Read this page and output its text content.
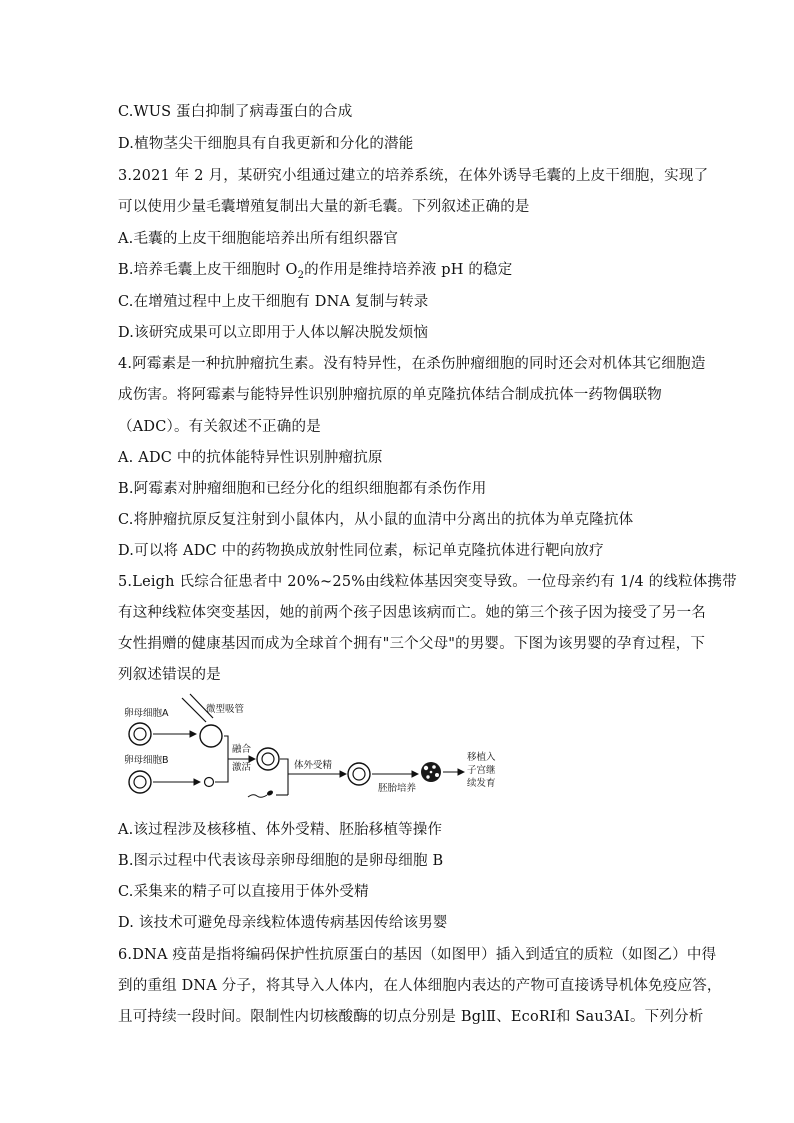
C.WUS 蛋白抑制了病毒蛋白的合成
D.植物茎尖干细胞具有自我更新和分化的潜能
3.2021 年 2 月，某研究小组通过建立的培养系统，在体外诱导毛囊的上皮干细胞，实现了
可以使用少量毛囊增殖复制出大量的新毛囊。下列叙述正确的是
A.毛囊的上皮干细胞能培养出所有组织器官
B.培养毛囊上皮干细胞时 $O_2$的作用是维持培养液 pH 的稳定
C.在增殖过程中上皮干细胞有 DNA 复制与转录
D.该研究成果可以立即用于人体以解决脱发烦恼
4.阿霉素是一种抗肿瘤抗生素。没有特异性，在杀伤肿瘤细胞的同时还会对机体其它细胞造
成伤害。将阿霉素与能特异性识别肿瘤抗原的单克隆抗体结合制成抗体一药物偶联物
（ADC）。有关叙述不正确的是
A. ADC 中的抗体能特异性识别肿瘤抗原
B.阿霉素对肿瘤细胞和已经分化的组织细胞都有杀伤作用
C.将肿瘤抗原反复注射到小鼠体内，从小鼠的血清中分离出的抗体为单克隆抗体
D.可以将 ADC 中的药物换成放射性同位素，标记单克隆抗体进行靶向放疗
5.Leigh 氏综合征患者中 20%~25%由线粒体基因突变导致。一位母亲约有 1/4 的线粒体携带
有这种线粒体突变基因，她的前两个孩子因患该病而亡。她的第三个孩子因为接受了另一名
女性捐赠的健康基因而成为全球首个拥有"三个父母"的男婴。下图为该男婴的孕育过程，下
列叙述错误的是
卵母细胞A	微型吸管
卵母细胞B
融合
激活	体外受精
胚胎培养
移植入
子宫继
续发育
A.该过程涉及核移植、体外受精、胚胎移植等操作
B.图示过程中代表该母亲卵母细胞的是卵母细胞 B
C.采集来的精子可以直接用于体外受精
D. 该技术可避免母亲线粒体遗传病基因传给该男婴
6.DNA 疫苗是指将编码保护性抗原蛋白的基因（如图甲）插入到适宜的质粒（如图乙）中得
到的重组 DNA 分子，将其导入人体内，在人体细胞内表达的产物可直接诱导机体免疫应答，
且可持续一段时间。限制性内切核酸酶的切点分别是 BglⅡ、EcoRⅠ和 Sau3AⅠ。下列分析
